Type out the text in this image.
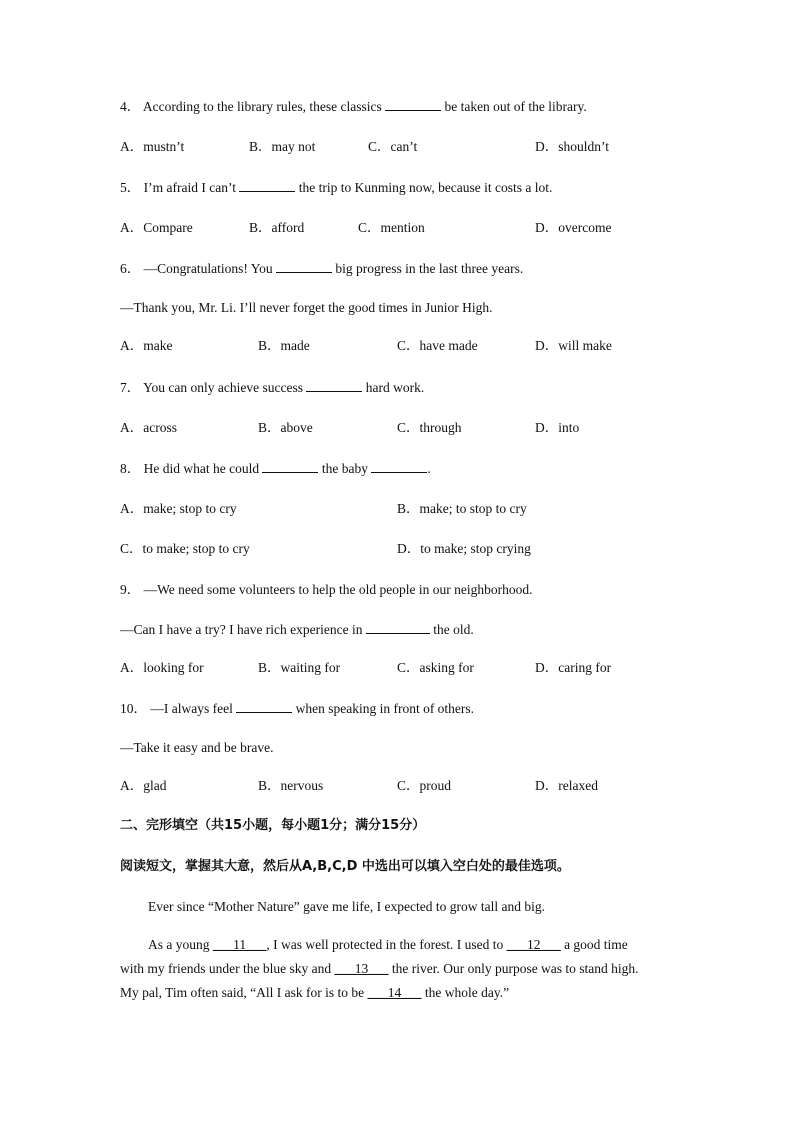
4． According to the library rules, these classics	be taken out of the library.
A．mustn’t	B．may not	C．can’t	D．shouldn’t
5． I’m afraid I can’t	the trip to Kunming now, because it costs a lot.
A．Compare	B．afford	C．mention	D．overcome
6． —Congratulations! You	big progress in the last three years.
—Thank you, Mr. Li. I’ll never forget the good times in Junior High.
A．make	B．made	C．have made	D．will make
7． You can only achieve success	hard work.
A．across	B．above	C．through	D．into
8． He did what he could	the baby	.
A．make; stop to cry	B．make; to stop to cry
C．to make; stop to cry	D．to make; stop crying
9． —We need some volunteers to help the old people in our neighborhood.
—Can I have a try? I have rich experience in	the old.
A．looking for	B．waiting for	C．asking for	D．caring for
10． —I always feel	when speaking in front of others.
—Take it easy and be brave.
A．glad	B．nervous	C．proud	D．relaxed
二、完形填空（共15小题，每小题1分；满分15分）
阅读短文，掌握其大意，然后从A,B,C,D 中选出可以填入空白处的最佳选项。
Ever since “Mother Nature” gave me life, I expected to grow tall and big.
As a young ___11___, I was well protected in the forest. I used to ___12___ a good time
with my friends under the blue sky and ___13___ the river. Our only purpose was to stand high.
My pal, Tim often said, “All I ask for is to be ___14___ the whole day.”
